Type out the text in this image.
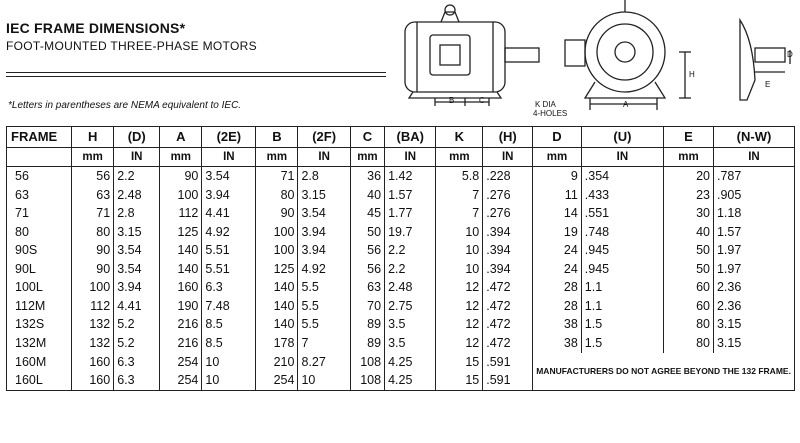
IEC FRAME DIMENSIONS*
FOOT-MOUNTED THREE-PHASE MOTORS
*Letters in parentheses are NEMA equivalent to IEC.	B	C	K DIA
4-HOLES
A
H
D
E
FRAME	H	(D)	A	(2E)	B	(2F)	C	(BA)	K	(H)	D	(U)	E	(N-W)
	mm	IN	mm	IN	mm	IN	mm	IN	mm	IN	mm	IN	mm	IN
56	56	2.2	90	3.54	71	2.8	36	1.42	5.8	.228	9	.354	20	.787
63	63	2.48	100	3.94	80	3.15	40	1.57	7	.276	11	.433	23	.905
71	71	2.8	112	4.41	90	3.54	45	1.77	7	.276	14	.551	30	1.18
80	80	3.15	125	4.92	100	3.94	50	19.7	10	.394	19	.748	40	1.57
90S	90	3.54	140	5.51	100	3.94	56	2.2	10	.394	24	.945	50	1.97
90L	90	3.54	140	5.51	125	4.92	56	2.2	10	.394	24	.945	50	1.97
100L	100	3.94	160	6.3	140	5.5	63	2.48	12	.472	28	1.1	60	2.36
112M	112	4.41	190	7.48	140	5.5	70	2.75	12	.472	28	1.1	60	2.36
132S	132	5.2	216	8.5	140	5.5	89	3.5	12	.472	38	1.5	80	3.15
132M	132	5.2	216	8.5	178	7	89	3.5	12	.472	38	1.5	80	3.15
160M	160	6.3	254	10	210	8.27	108	4.25	15	.591	MANUFACTURERS DO NOT AGREE BEYOND THE 132 FRAME.			
160L	160	6.3	254	10	254	10	108	4.25	15	.591				
